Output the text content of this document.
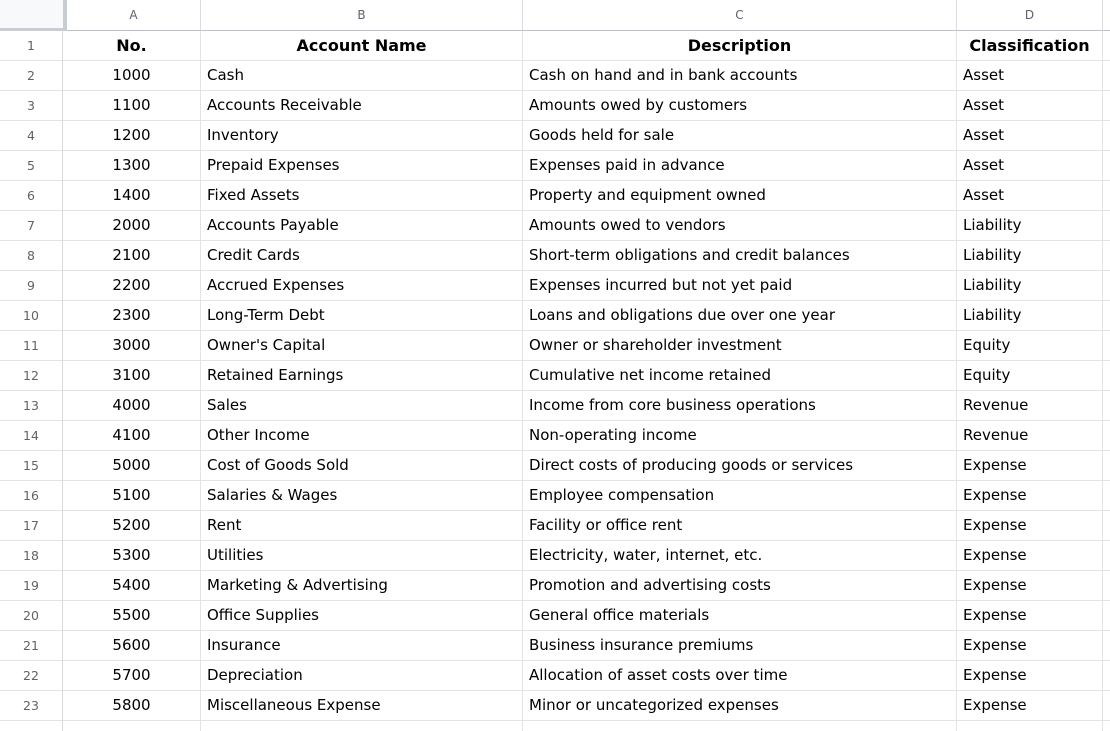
A	B	C	D
1	No.	Account Name	Description	Classification
2	1000	Cash	Cash on hand and in bank accounts	Asset
3	1100	Accounts Receivable	Amounts owed by customers	Asset
4	1200	Inventory	Goods held for sale	Asset
5	1300	Prepaid Expenses	Expenses paid in advance	Asset
6	1400	Fixed Assets	Property and equipment owned	Asset
7	2000	Accounts Payable	Amounts owed to vendors	Liability
8	2100	Credit Cards	Short-term obligations and credit balances	Liability
9	2200	Accrued Expenses	Expenses incurred but not yet paid	Liability
10	2300	Long-Term Debt	Loans and obligations due over one year	Liability
11	3000	Owner's Capital	Owner or shareholder investment	Equity
12	3100	Retained Earnings	Cumulative net income retained	Equity
13	4000	Sales	Income from core business operations	Revenue
14	4100	Other Income	Non-operating income	Revenue
15	5000	Cost of Goods Sold	Direct costs of producing goods or services	Expense
16	5100	Salaries & Wages	Employee compensation	Expense
17	5200	Rent	Facility or office rent	Expense
18	5300	Utilities	Electricity, water, internet, etc.	Expense
19	5400	Marketing & Advertising	Promotion and advertising costs	Expense
20	5500	Office Supplies	General office materials	Expense
21	5600	Insurance	Business insurance premiums	Expense
22	5700	Depreciation	Allocation of asset costs over time	Expense
23	5800	Miscellaneous Expense	Minor or uncategorized expenses	Expense
